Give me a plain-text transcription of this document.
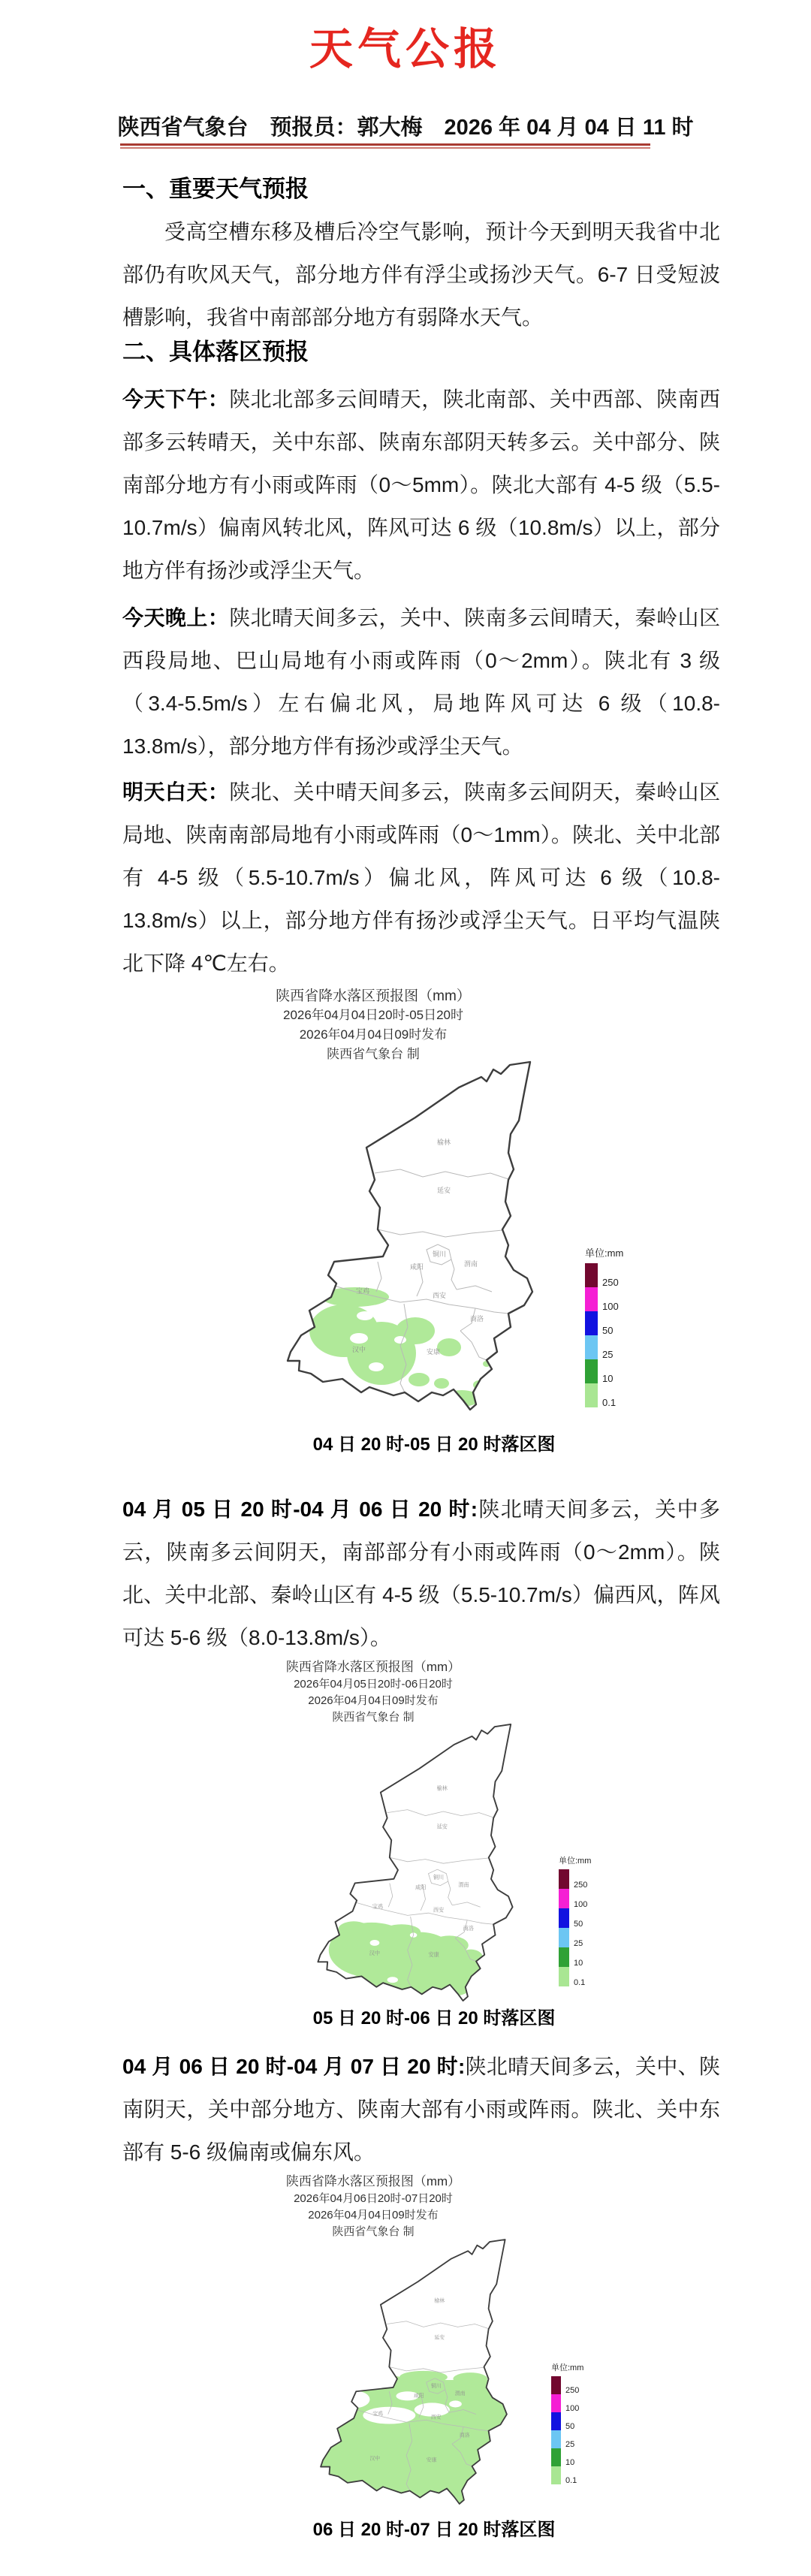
天气公报
陕西省气象台　预报员：郭大梅　2026 年 04 月 04 日 11 时
一、重要天气预报

受高空槽东移及槽后冷空气影响，预计今天到明天我省中北部仍有吹风天气，部分地方伴有浮尘或扬沙天气。6-7 日受短波槽影响，我省中南部部分地方有弱降水天气。

二、具体落区预报

今天下午：陕北北部多云间晴天，陕北南部、关中西部、陕南西部多云转晴天，关中东部、陕南东部阴天转多云。关中部分、陕南部分地方有小雨或阵雨（0～5mm）。陕北大部有 4-5 级（5.5-10.7m/s）偏南风转北风，阵风可达 6 级（10.8m/s）以上，部分地方伴有扬沙或浮尘天气。

今天晚上：陕北晴天间多云，关中、陕南多云间晴天，秦岭山区西段局地、巴山局地有小雨或阵雨（0～2mm）。陕北有 3 级（3.4-5.5m/s）左右偏北风，局地阵风可达 6 级（10.8-13.8m/s），部分地方伴有扬沙或浮尘天气。

明天白天：陕北、关中晴天间多云，陕南多云间阴天，秦岭山区局地、陕南南部局地有小雨或阵雨（0～1mm）。陕北、关中北部有 4-5 级（5.5-10.7m/s）偏北风，阵风可达 6 级（10.8-13.8m/s）以上，部分地方伴有扬沙或浮尘天气。日平均气温陕北下降 4℃左右。

陕西省降水落区预报图（mm）
2026年04月04日20时-05日20时
2026年04月04日09时发布
陕西省气象台 制
单位:mm
250
100
50
25
10
0.1
04 日 20 时-05 日 20 时落区图

04 月 05 日 20 时-04 月 06 日 20 时:陕北晴天间多云，关中多云，陕南多云间阴天，南部部分有小雨或阵雨（0～2mm）。陕北、关中北部、秦岭山区有 4-5 级（5.5-10.7m/s）偏西风，阵风可达 5-6 级（8.0-13.8m/s）。

陕西省降水落区预报图（mm）
2026年04月05日20时-06日20时
2026年04月04日09时发布
陕西省气象台 制
单位:mm
250
100
50
25
10
0.1
05 日 20 时-06 日 20 时落区图

04 月 06 日 20 时-04 月 07 日 20 时:陕北晴天间多云，关中、陕南阴天，关中部分地方、陕南大部有小雨或阵雨。陕北、关中东部有 5-6 级偏南或偏东风。

陕西省降水落区预报图（mm）
2026年04月06日20时-07日20时
2026年04月04日09时发布
陕西省气象台 制
单位:mm
250
100
50
25
10
0.1
06 日 20 时-07 日 20 时落区图
